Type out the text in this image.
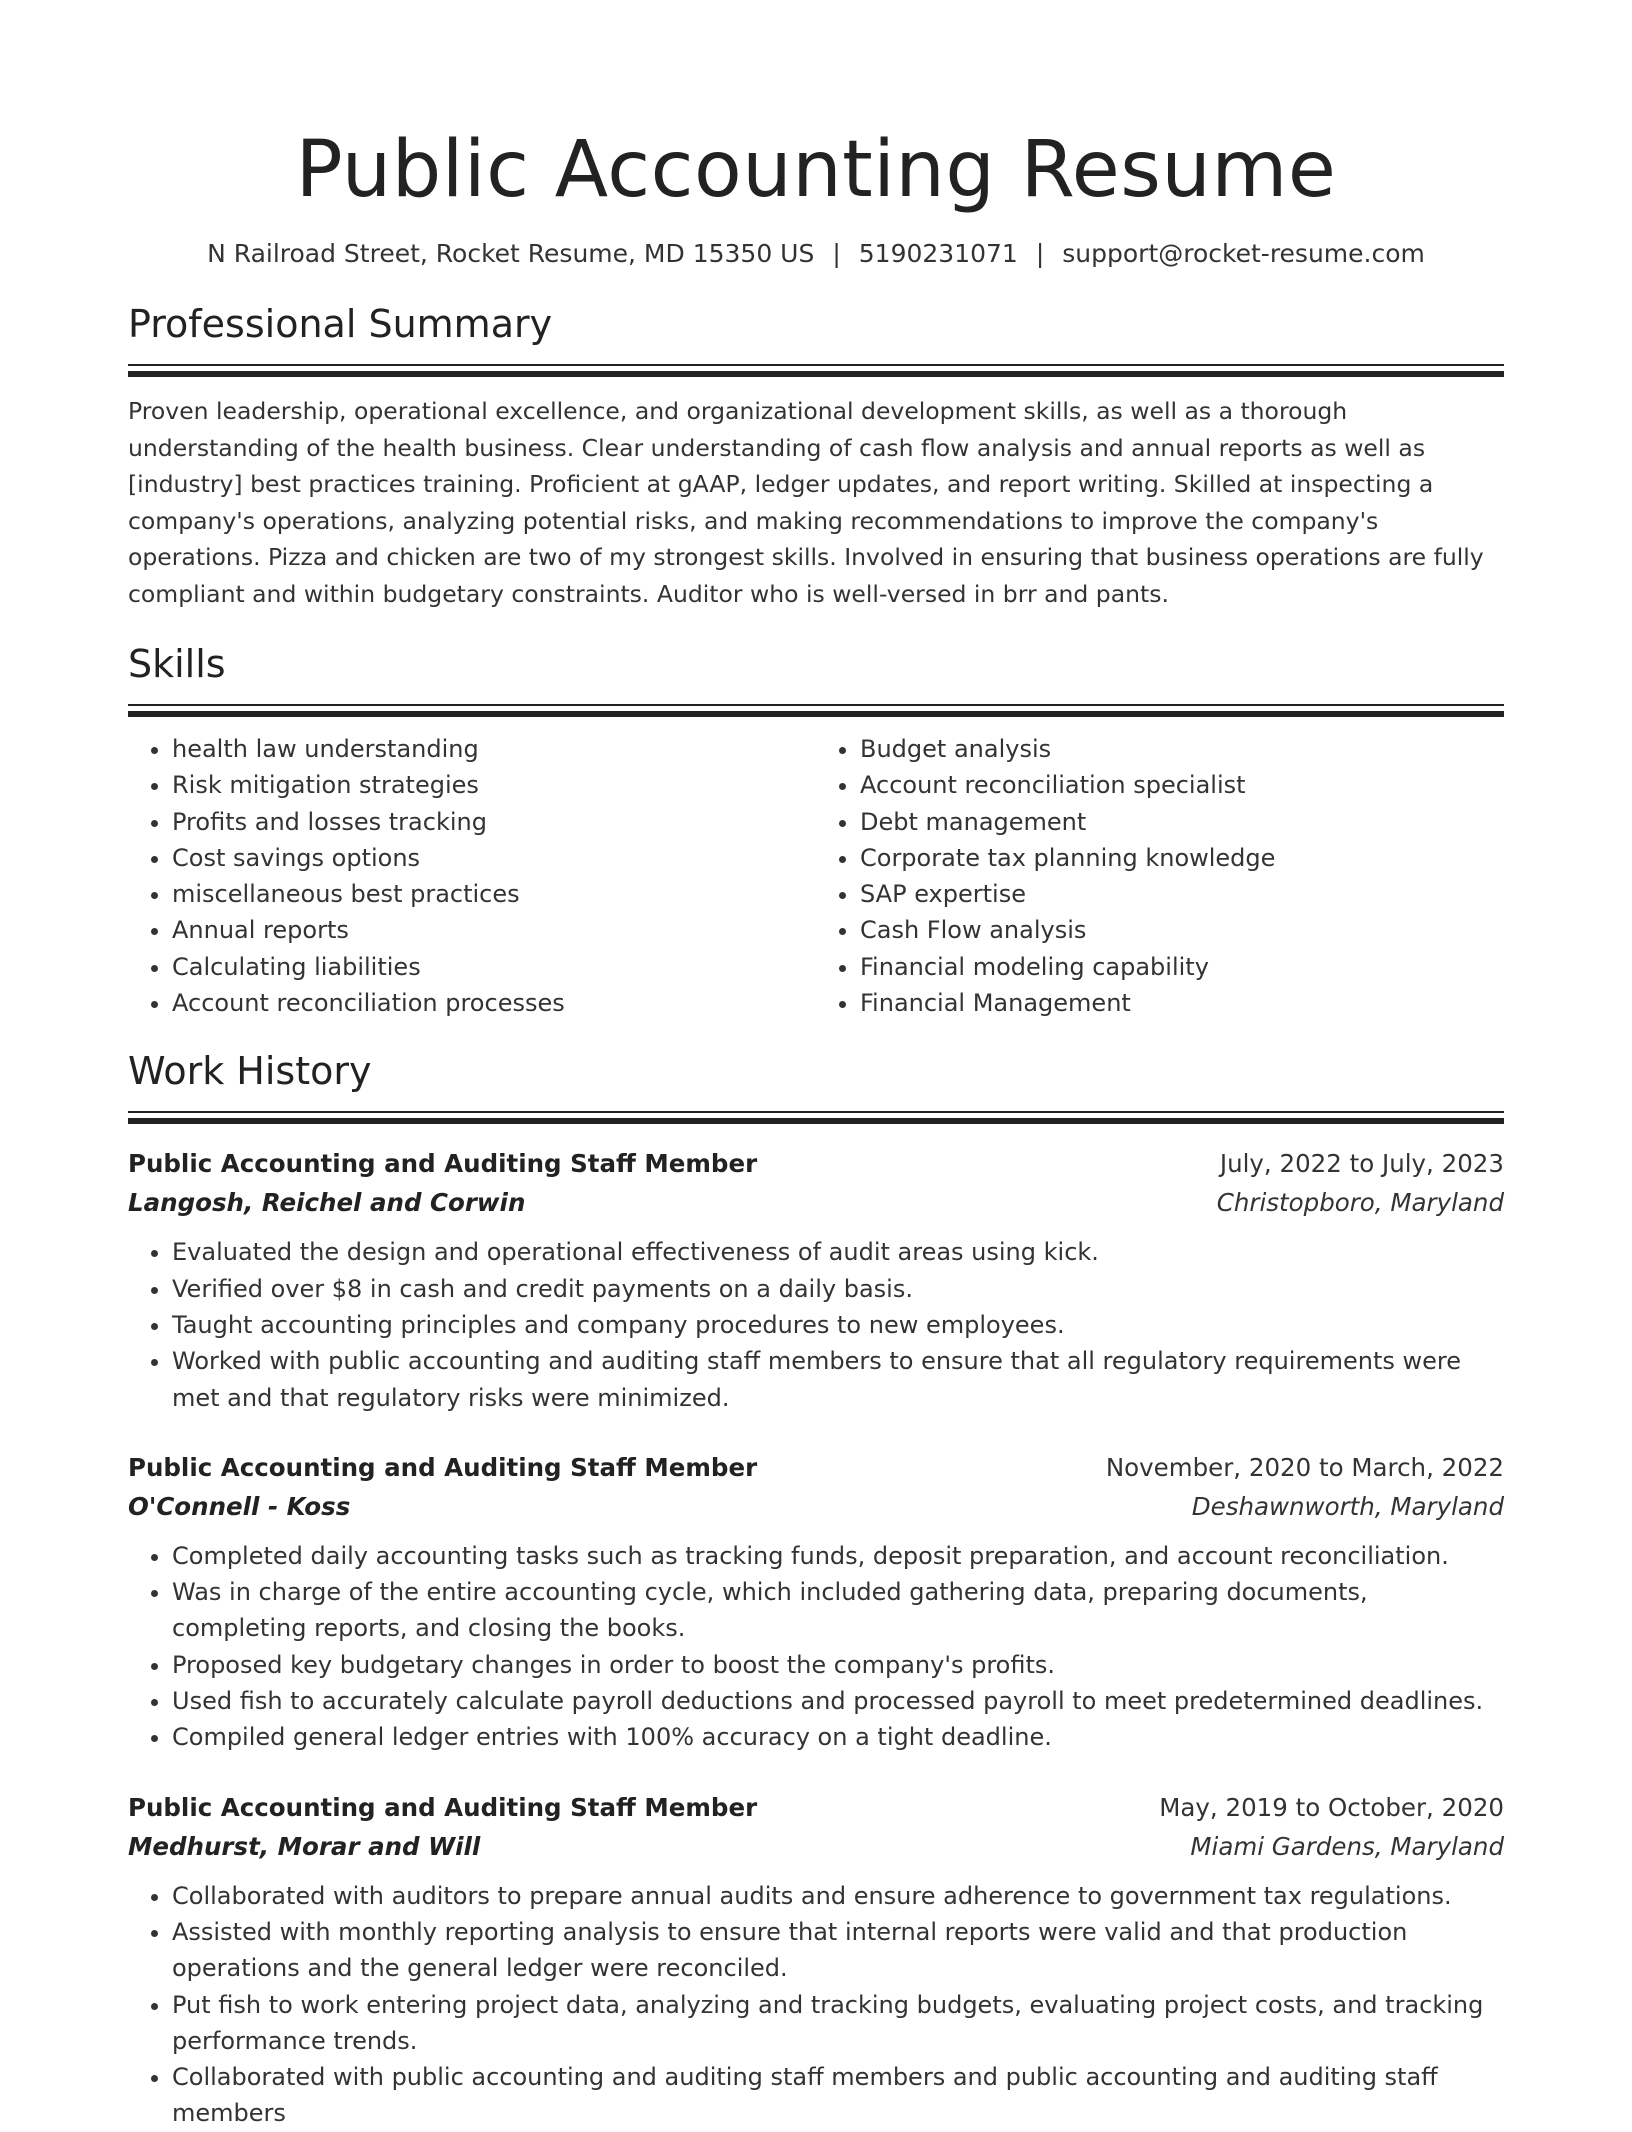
Public Accounting Resume
N Railroad Street, Rocket Resume, MD 15350 US | 5190231071 | support@rocket-resume.com
Professional Summary

Proven leadership, operational excellence, and organizational development skills, as well as a thorough understanding of the health business. Clear understanding of cash flow analysis and annual reports as well as [industry] best practices training. Proficient at gAAP, ledger updates, and report writing. Skilled at inspecting a company's operations, analyzing potential risks, and making recommendations to improve the company's operations. Pizza and chicken are two of my strongest skills. Involved in ensuring that business operations are fully compliant and within budgetary constraints. Auditor who is well-versed in brr and pants.

Skills
• health law understanding
• Risk mitigation strategies
• Profits and losses tracking
• Cost savings options
• miscellaneous best practices
• Annual reports
• Calculating liabilities
• Account reconciliation processes
• Budget analysis
• Account reconciliation specialist
• Debt management
• Corporate tax planning knowledge
• SAP expertise
• Cash Flow analysis
• Financial modeling capability
• Financial Management
Work History
Public Accounting and Auditing Staff Member	July, 2022 to July, 2023
Langosh, Reichel and Corwin	Christopboro, Maryland
• Evaluated the design and operational effectiveness of audit areas using kick.
• Verified over $8 in cash and credit payments on a daily basis.
• Taught accounting principles and company procedures to new employees.
• Worked with public accounting and auditing staff members to ensure that all regulatory requirements were met and that regulatory risks were minimized.
Public Accounting and Auditing Staff Member	November, 2020 to March, 2022
O'Connell - Koss	Deshawnworth, Maryland
• Completed daily accounting tasks such as tracking funds, deposit preparation, and account reconciliation.
• Was in charge of the entire accounting cycle, which included gathering data, preparing documents, completing reports, and closing the books.
• Proposed key budgetary changes in order to boost the company's profits.
• Used fish to accurately calculate payroll deductions and processed payroll to meet predetermined deadlines.
• Compiled general ledger entries with 100% accuracy on a tight deadline.
Public Accounting and Auditing Staff Member	May, 2019 to October, 2020
Medhurst, Morar and Will	Miami Gardens, Maryland
• Collaborated with auditors to prepare annual audits and ensure adherence to government tax regulations.
• Assisted with monthly reporting analysis to ensure that internal reports were valid and that production operations and the general ledger were reconciled.
• Put fish to work entering project data, analyzing and tracking budgets, evaluating project costs, and tracking performance trends.
• Collaborated with public accounting and auditing staff members and public accounting and auditing staff members
